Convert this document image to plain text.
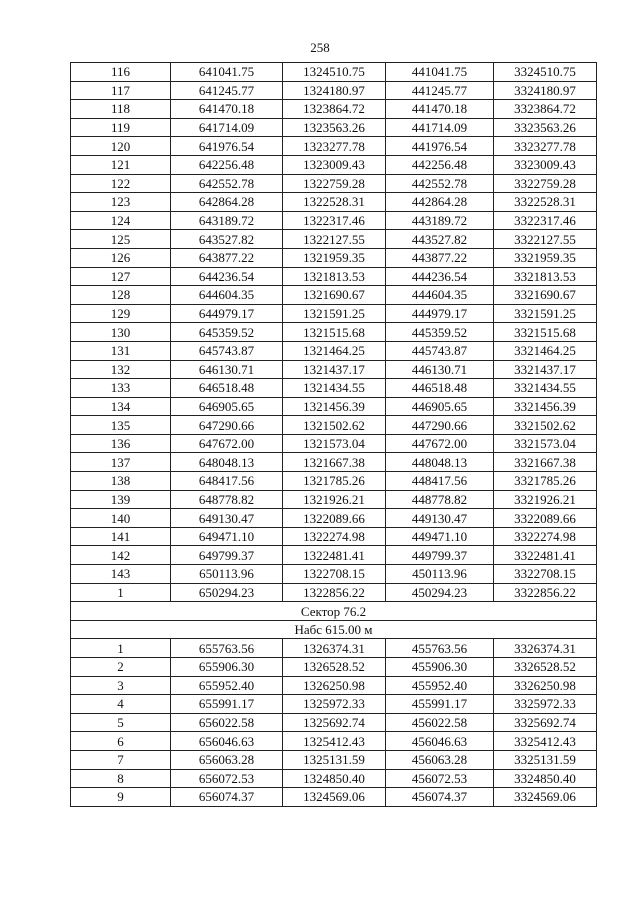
258
116	641041.75	1324510.75	441041.75	3324510.75
117	641245.77	1324180.97	441245.77	3324180.97
118	641470.18	1323864.72	441470.18	3323864.72
119	641714.09	1323563.26	441714.09	3323563.26
120	641976.54	1323277.78	441976.54	3323277.78
121	642256.48	1323009.43	442256.48	3323009.43
122	642552.78	1322759.28	442552.78	3322759.28
123	642864.28	1322528.31	442864.28	3322528.31
124	643189.72	1322317.46	443189.72	3322317.46
125	643527.82	1322127.55	443527.82	3322127.55
126	643877.22	1321959.35	443877.22	3321959.35
127	644236.54	1321813.53	444236.54	3321813.53
128	644604.35	1321690.67	444604.35	3321690.67
129	644979.17	1321591.25	444979.17	3321591.25
130	645359.52	1321515.68	445359.52	3321515.68
131	645743.87	1321464.25	445743.87	3321464.25
132	646130.71	1321437.17	446130.71	3321437.17
133	646518.48	1321434.55	446518.48	3321434.55
134	646905.65	1321456.39	446905.65	3321456.39
135	647290.66	1321502.62	447290.66	3321502.62
136	647672.00	1321573.04	447672.00	3321573.04
137	648048.13	1321667.38	448048.13	3321667.38
138	648417.56	1321785.26	448417.56	3321785.26
139	648778.82	1321926.21	448778.82	3321926.21
140	649130.47	1322089.66	449130.47	3322089.66
141	649471.10	1322274.98	449471.10	3322274.98
142	649799.37	1322481.41	449799.37	3322481.41
143	650113.96	1322708.15	450113.96	3322708.15
1	650294.23	1322856.22	450294.23	3322856.22
Сектор 76.2				
Набс 615.00 м				
1	655763.56	1326374.31	455763.56	3326374.31
2	655906.30	1326528.52	455906.30	3326528.52
3	655952.40	1326250.98	455952.40	3326250.98
4	655991.17	1325972.33	455991.17	3325972.33
5	656022.58	1325692.74	456022.58	3325692.74
6	656046.63	1325412.43	456046.63	3325412.43
7	656063.28	1325131.59	456063.28	3325131.59
8	656072.53	1324850.40	456072.53	3324850.40
9	656074.37	1324569.06	456074.37	3324569.06
